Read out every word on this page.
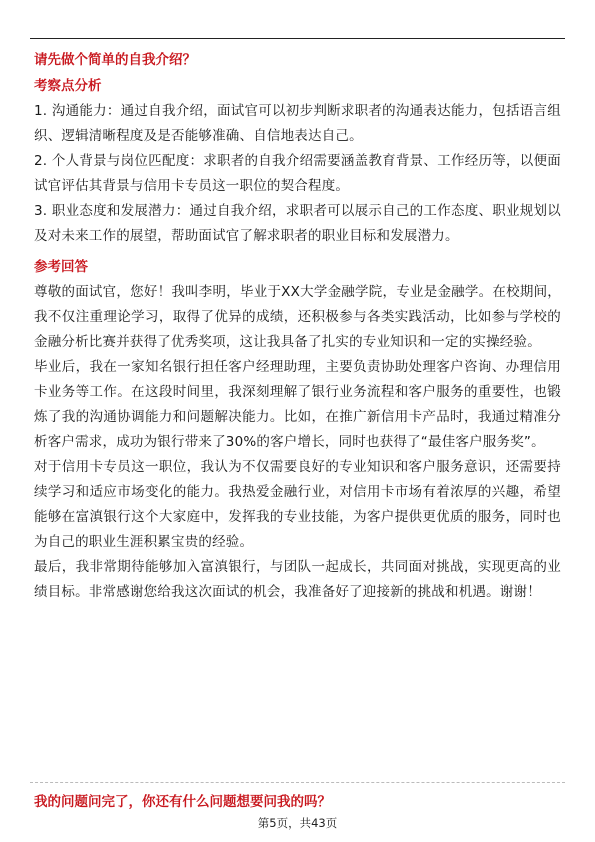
请先做个简单的自我介绍？
考察点分析

1. 沟通能力：通过自我介绍，面试官可以初步判断求职者的沟通表达能力，包括语言组织、逻辑清晰程度及是否能够准确、自信地表达自己。

2. 个人背景与岗位匹配度：求职者的自我介绍需要涵盖教育背景、工作经历等，以便面试官评估其背景与信用卡专员这一职位的契合程度。

3. 职业态度和发展潜力：通过自我介绍，求职者可以展示自己的工作态度、职业规划以及对未来工作的展望，帮助面试官了解求职者的职业目标和发展潜力。

参考回答

尊敬的面试官，您好！我叫李明，毕业于XX大学金融学院，专业是金融学。在校期间，我不仅注重理论学习，取得了优异的成绩，还积极参与各类实践活动，比如参与学校的金融分析比赛并获得了优秀奖项，这让我具备了扎实的专业知识和一定的实操经验。

毕业后，我在一家知名银行担任客户经理助理，主要负责协助处理客户咨询、办理信用卡业务等工作。在这段时间里，我深刻理解了银行业务流程和客户服务的重要性，也锻炼了我的沟通协调能力和问题解决能力。比如，在推广新信用卡产品时，我通过精准分析客户需求，成功为银行带来了30%的客户增长，同时也获得了“最佳客户服务奖”。

对于信用卡专员这一职位，我认为不仅需要良好的专业知识和客户服务意识，还需要持续学习和适应市场变化的能力。我热爱金融行业，对信用卡市场有着浓厚的兴趣，希望能够在富滇银行这个大家庭中，发挥我的专业技能，为客户提供更优质的服务，同时也为自己的职业生涯积累宝贵的经验。

最后，我非常期待能够加入富滇银行，与团队一起成长，共同面对挑战，实现更高的业绩目标。非常感谢您给我这次面试的机会，我准备好了迎接新的挑战和机遇。谢谢！

我的问题问完了，你还有什么问题想要问我的吗？
第5页，共43页
